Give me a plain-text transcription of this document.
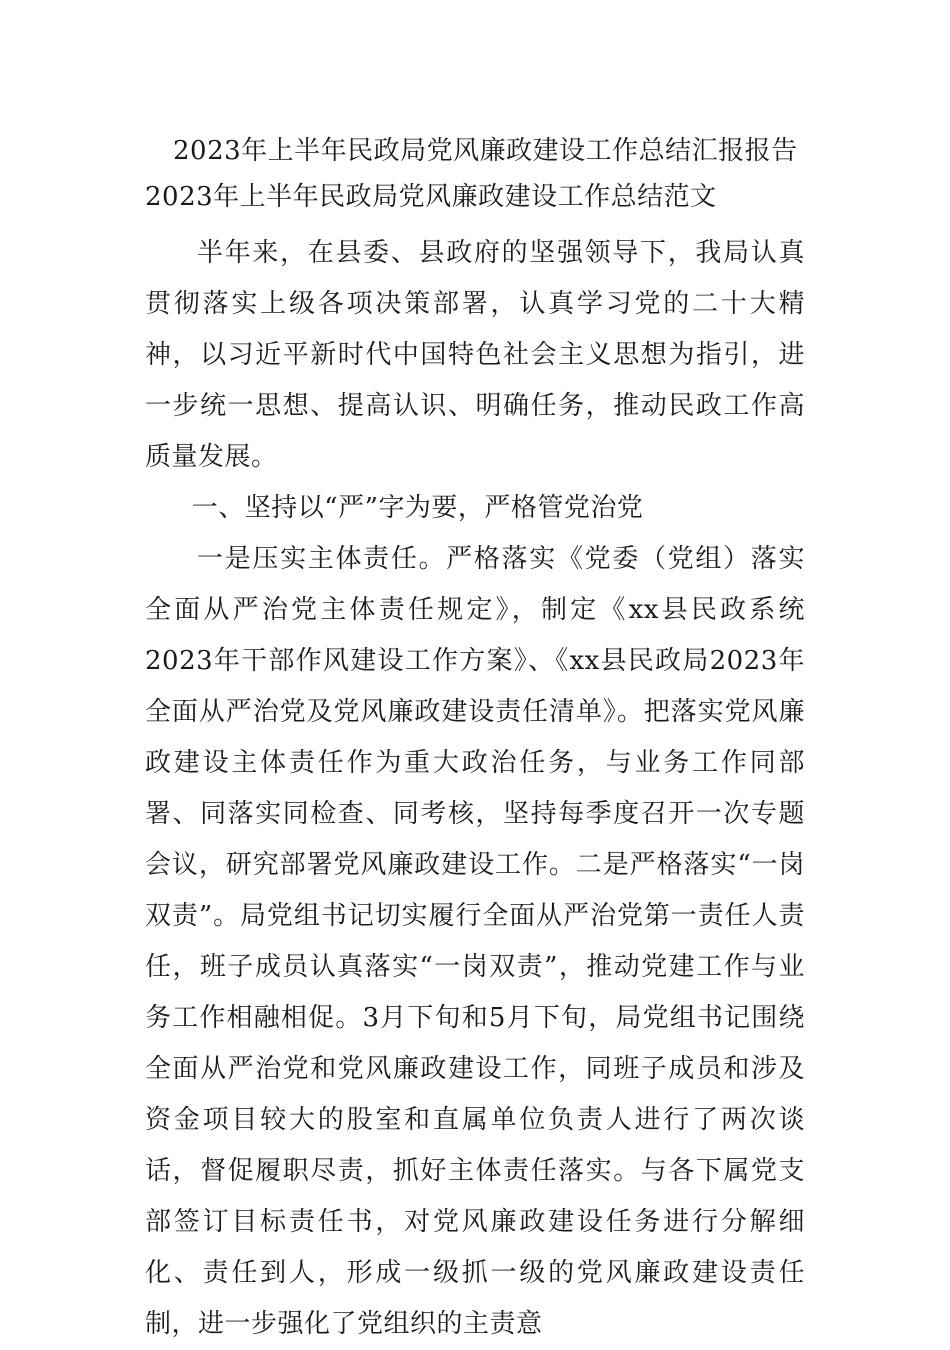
2023年上半年民政局党风廉政建设工作总结汇报报告
2023年上半年民政局党风廉政建设工作总结范文

半年来，在县委、县政府的坚强领导下，我局认真贯彻落实上级各项决策部署，认真学习党的二十大精神，以习近平新时代中国特色社会主义思想为指引，进一步统一思想、提高认识、明确任务，推动民政工作高质量发展。

一、坚持以“严”字为要，严格管党治党

一是压实主体责任。严格落实《党委（党组）落实全面从严治党主体责任规定》，制定《xx县民政系统2023年干部作风建设工作方案》、《xx县民政局2023年全面从严治党及党风廉政建设责任清单》。把落实党风廉政建设主体责任作为重大政治任务，与业务工作同部署、同落实同检查、同考核，坚持每季度召开一次专题会议，研究部署党风廉政建设工作。二是严格落实“一岗双责”。局党组书记切实履行全面从严治党第一责任人责任，班子成员认真落实“一岗双责”，推动党建工作与业务工作相融相促。3月下旬和5月下旬，局党组书记围绕全面从严治党和党风廉政建设工作，同班子成员和涉及资金项目较大的股室和直属单位负责人进行了两次谈话，督促履职尽责，抓好主体责任落实。与各下属党支部签订目标责任书，对党风廉政建设任务进行分解细化、责任到人，形成一级抓一级的党风廉政建设责任制，进一步强化了党组织的主责意
